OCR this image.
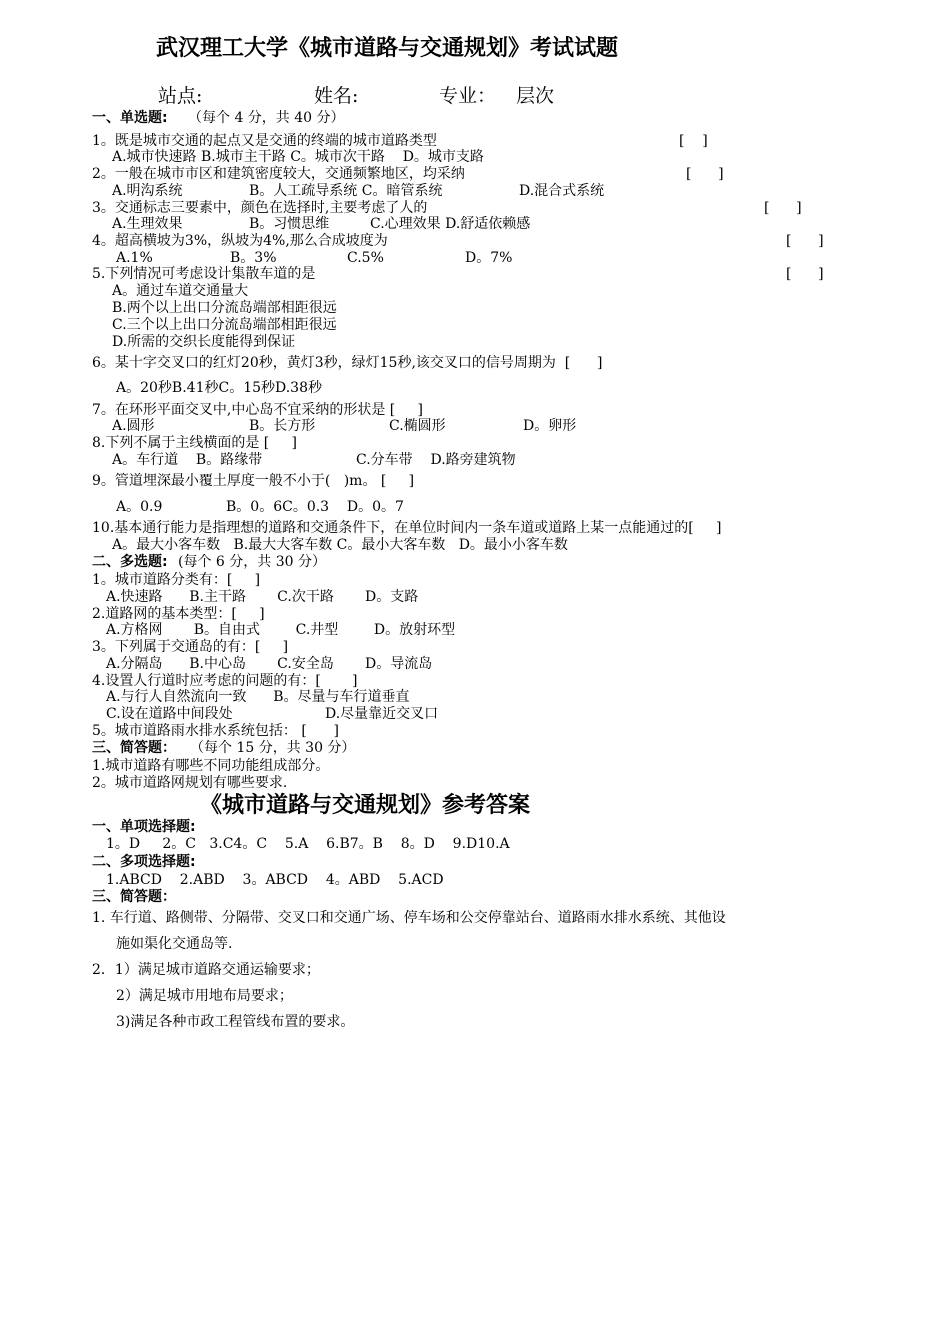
武汉理工大学《城市道路与交通规划》考试试题
站点:	姓名:	专业： 层次
一、单选题: （每个 4 分，共 40 分）
1。既是城市交通的起点又是交通的终端的城市道路类型	[    ]
A.城市快速路 B.城市主干路 C。城市次干路    D。城市支路
2。一般在城市市区和建筑密度较大，交通频繁地区，均采纳	[      ]
A.明沟系统	B。人工疏导系统 C。暗管系统	D.混合式系统
3。交通标志三要素中，颜色在选择时,主要考虑了人的	[      ]
A.生理效果	B。习惯思维	C.心理效果 D.舒适依赖感
4。超高横坡为3%，纵坡为4%,那么合成坡度为	[      ]
A.1%	B。3%	C.5%	D。7%
5.下列情况可考虑设计集散车道的是	[      ]
A。通过车道交通量大
B.两个以上出口分流岛端部相距很远
C.三个以上出口分流岛端部相距很远
D.所需的交织长度能得到保证
6。某十字交叉口的红灯20秒，黄灯3秒，绿灯15秒,该交叉口的信号周期为  [      ]
A。20秒B.41秒C。15秒D.38秒
7。在环形平面交叉中,中心岛不宜采纳的形状是 [     ]
A.圆形	B。长方形	C.椭圆形	D。卵形
8.下列不属于主线横面的是 [     ]
A。车行道    B。路缘带	C.分车带    D.路旁建筑物
9。管道埋深最小覆土厚度一般不小于(   )m。 [     ]
A。0.9	B。0。6C。0.3    D。0。7
10.基本通行能力是指理想的道路和交通条件下，在单位时间内一条车道或道路上某一点能通过的[     ]
A。最大小客车数   B.最大大客车数 C。最小大客车数   D。最小小客车数
二、多选题: (每个 6 分，共 30 分）
1。城市道路分类有：[     ]
A.快速路      B.主干路       C.次干路       D。支路
2.道路网的基本类型：[     ]
A.方格网       B。自由式        C.井型        D。放射环型
3。下列属于交通岛的有：[     ]
A.分隔岛      B.中心岛       C.安全岛       D。导流岛
4.设置人行道时应考虑的问题的有：[       ]
A.与行人自然流向一致      B。尽量与车行道垂直
C.设在道路中间段处	D.尽量靠近交叉口
5。城市道路雨水排水系统包括： [      ]
三、简答题： （每个 15 分，共 30 分）
1.城市道路有哪些不同功能组成部分。
2。城市道路网规划有哪些要求.
《城市道路与交通规划》参考答案
一、单项选择题:
1。D     2。C   3.C4。C    5.A    6.B7。B    8。D    9.D10.A
二、多项选择题:
1.ABCD    2.ABD    3。ABCD    4。ABD    5.ACD
三、简答题：
1. 车行道、路侧带、分隔带、交叉口和交通广场、停车场和公交停靠站台、道路雨水排水系统、其他设
施如渠化交通岛等.
2．1）满足城市道路交通运输要求；
2）满足城市用地布局要求；
3)满足各种市政工程管线布置的要求。
